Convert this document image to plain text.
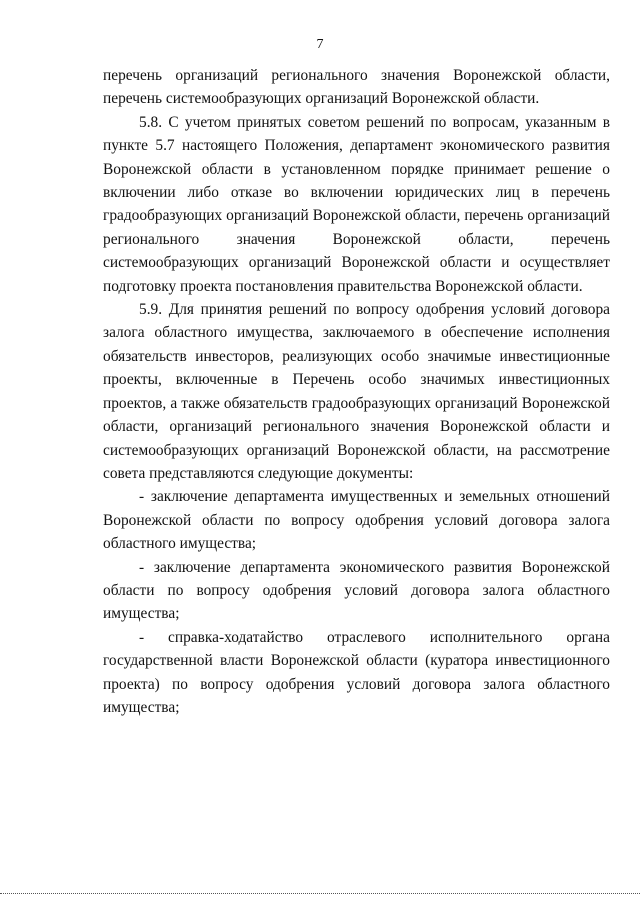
7

перечень организаций регионального значения Воронежской области, перечень системообразующих организаций Воронежской области.

5.8. С учетом принятых советом решений по вопросам, указанным в пункте 5.7 настоящего Положения, департамент экономического развития Воронежской области в установленном порядке принимает решение о включении либо отказе во включении юридических лиц в перечень градообразующих организаций Воронежской области, перечень организаций регионального значения Воронежской области, перечень

системообразующих организаций Воронежской области и осуществляет подготовку проекта постановления правительства Воронежской области.

5.9. Для принятия решений по вопросу одобрения условий договора залога областного имущества, заключаемого в обеспечение исполнения обязательств инвесторов, реализующих особо значимые инвестиционные проекты, включенные в Перечень особо значимых инвестиционных проектов, а также обязательств градообразующих организаций Воронежской области, организаций регионального значения Воронежской области и системообразующих организаций Воронежской области, на рассмотрение совета представляются следующие документы:

- заключение департамента имущественных и земельных отношений Воронежской области по вопросу одобрения условий договора залога областного имущества;

- заключение департамента экономического развития Воронежской области по вопросу одобрения условий договора залога областного имущества;

- справка-ходатайство отраслевого исполнительного органа государственной власти Воронежской области (куратора инвестиционного проекта) по вопросу одобрения условий договора залога областного имущества;
